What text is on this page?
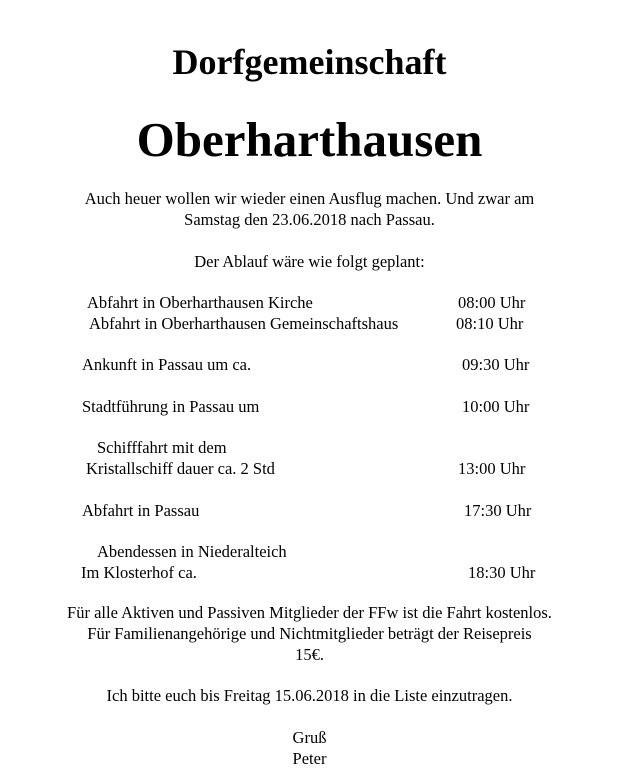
Dorfgemeinschaft
Oberharthausen
Auch heuer wollen wir wieder einen Ausflug machen. Und zwar am
Samstag den 23.06.2018 nach Passau.
Der Ablauf wäre wie folgt geplant:
Abfahrt in Oberharthausen Kirche	08:00 Uhr
Abfahrt in Oberharthausen Gemeinschaftshaus	08:10 Uhr
Ankunft in Passau um ca.	09:30 Uhr
Stadtführung in Passau um	10:00 Uhr
Schifffahrt mit dem
Kristallschiff dauer ca. 2 Std	13:00 Uhr
Abfahrt in Passau	17:30 Uhr
Abendessen in Niederalteich
Im Klosterhof ca.	18:30 Uhr
Für alle Aktiven und Passiven Mitglieder der FFw ist die Fahrt kostenlos.
Für Familienangehörige und Nichtmitglieder beträgt der Reisepreis
15€.
Ich bitte euch bis Freitag 15.06.2018 in die Liste einzutragen.
Gruß
Peter
